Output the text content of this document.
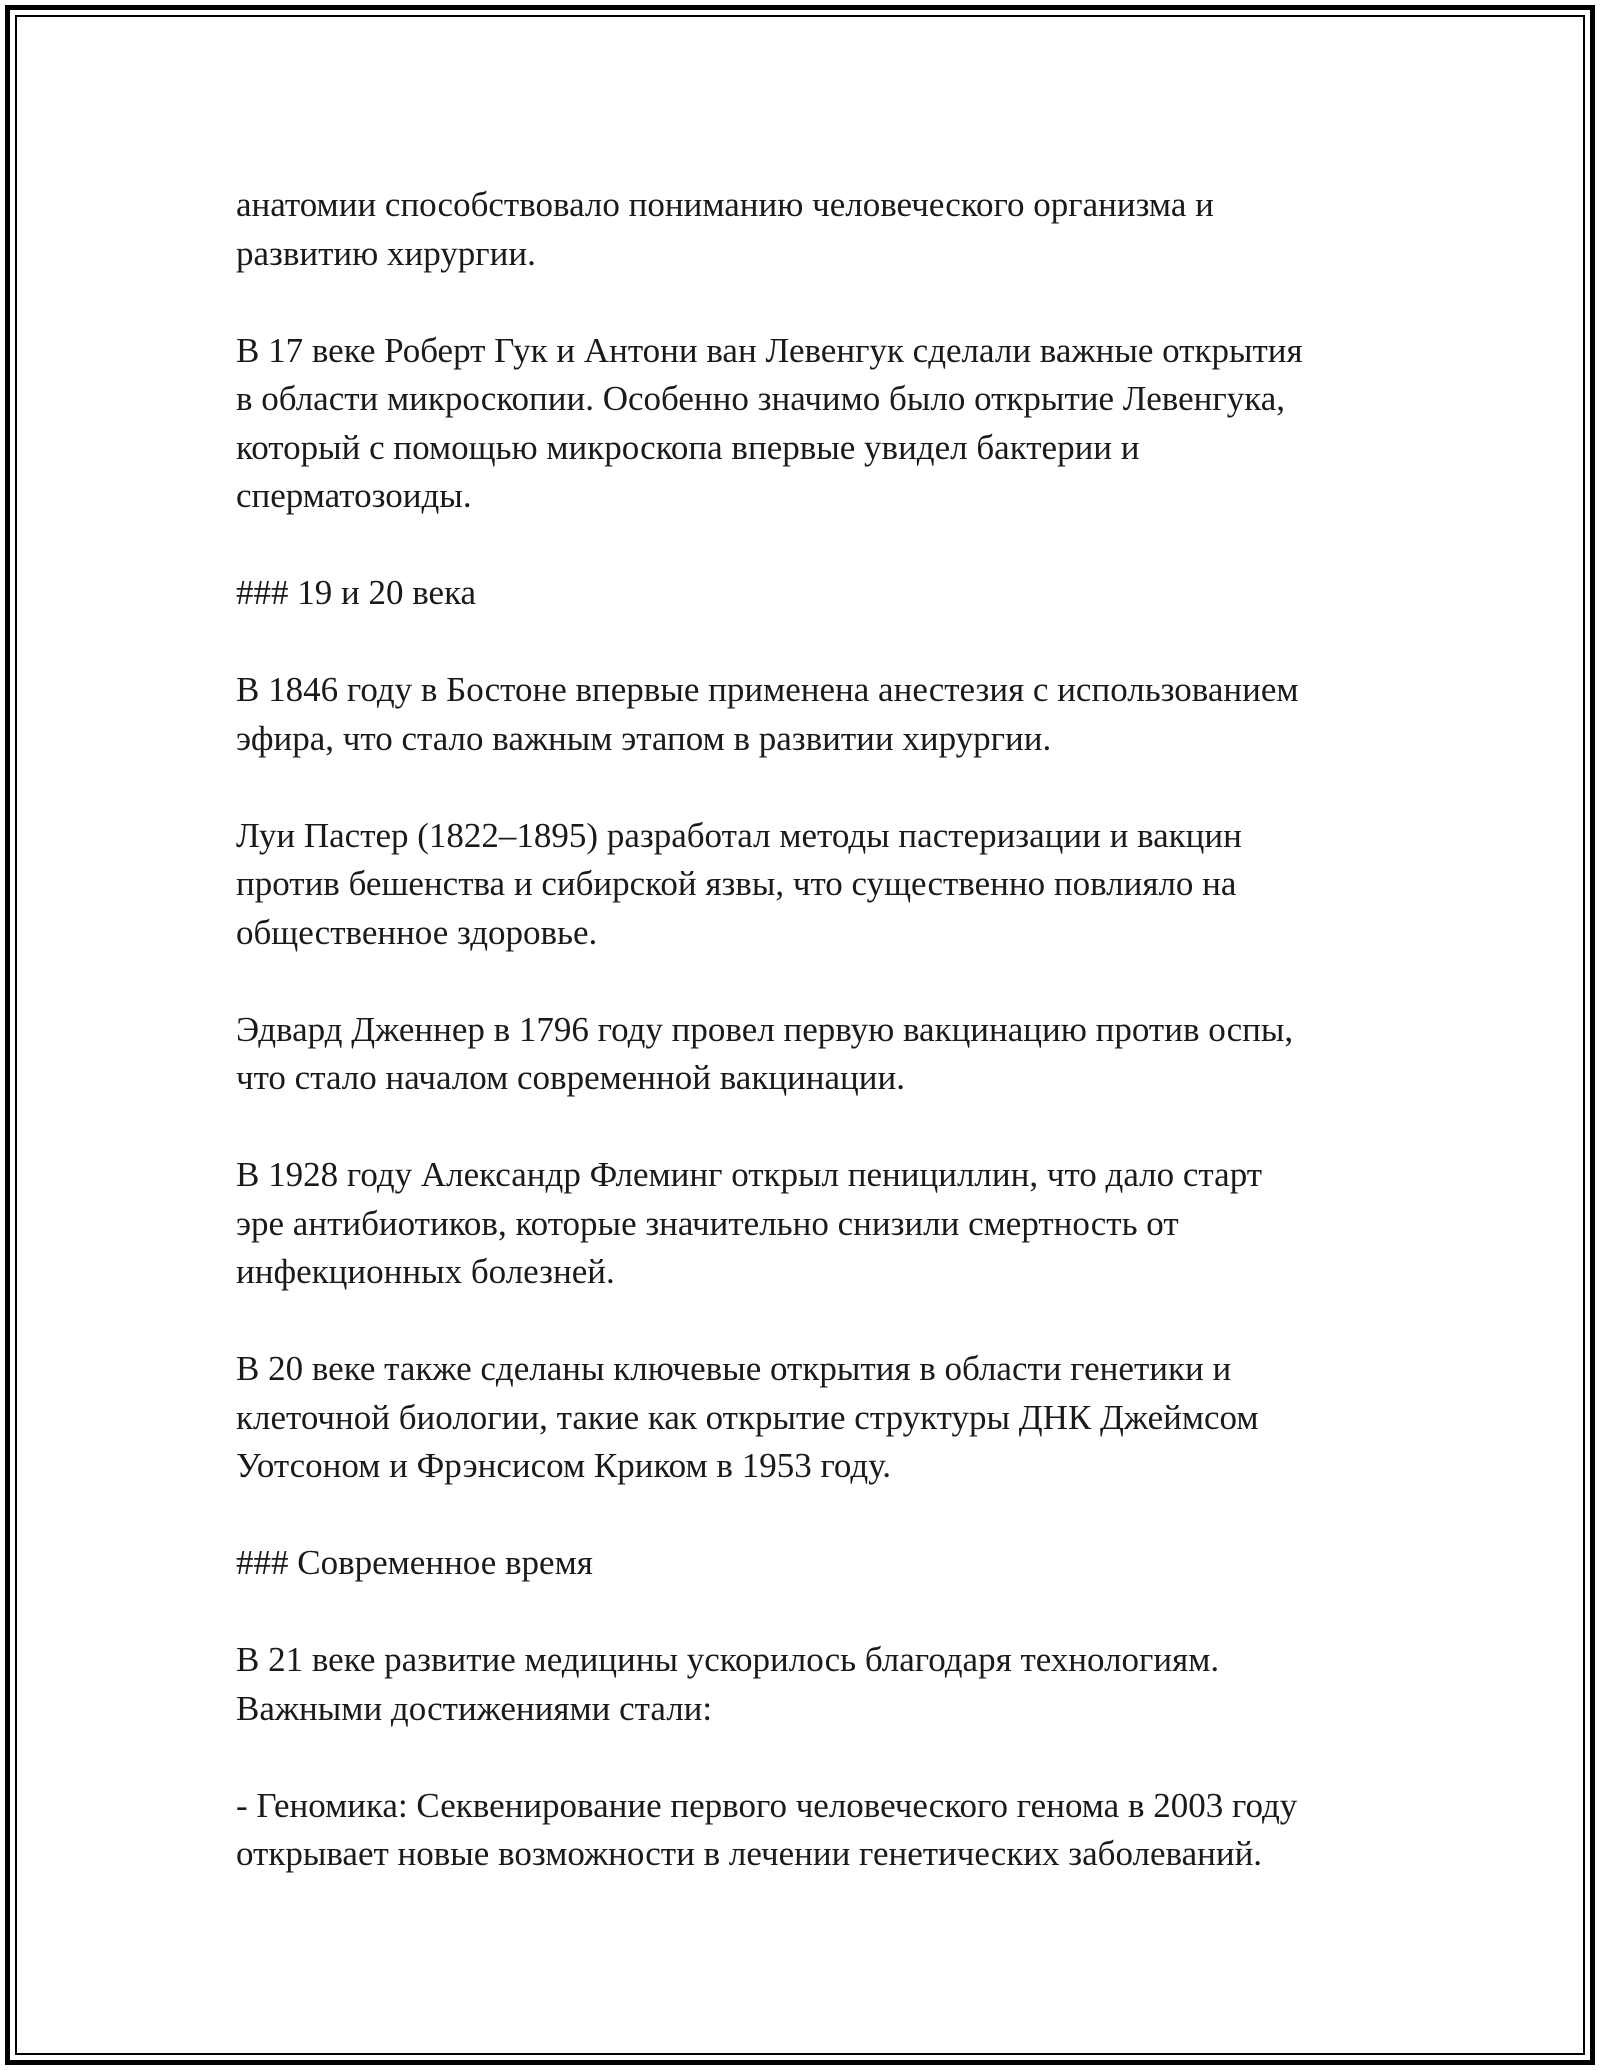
анатомии способствовало пониманию человеческого организма и
развитию хирургии.

В 17 веке Роберт Гук и Антони ван Левенгук сделали важные открытия
в области микроскопии. Особенно значимо было открытие Левенгука,
который с помощью микроскопа впервые увидел бактерии и
сперматозоиды.

### 19 и 20 века

В 1846 году в Бостоне впервые применена анестезия с использованием
эфира, что стало важным этапом в развитии хирургии.

Луи Пастер (1822–1895) разработал методы пастеризации и вакцин
против бешенства и сибирской язвы, что существенно повлияло на
общественное здоровье.

Эдвард Дженнер в 1796 году провел первую вакцинацию против оспы,
что стало началом современной вакцинации.

В 1928 году Александр Флеминг открыл пенициллин, что дало старт
эре антибиотиков, которые значительно снизили смертность от
инфекционных болезней.

В 20 веке также сделаны ключевые открытия в области генетики и
клеточной биологии, такие как открытие структуры ДНК Джеймсом
Уотсоном и Фрэнсисом Криком в 1953 году.

### Современное время

В 21 веке развитие медицины ускорилось благодаря технологиям.
Важными достижениями стали:

- Геномика: Секвенирование первого человеческого генома в 2003 году
открывает новые возможности в лечении генетических заболеваний.
